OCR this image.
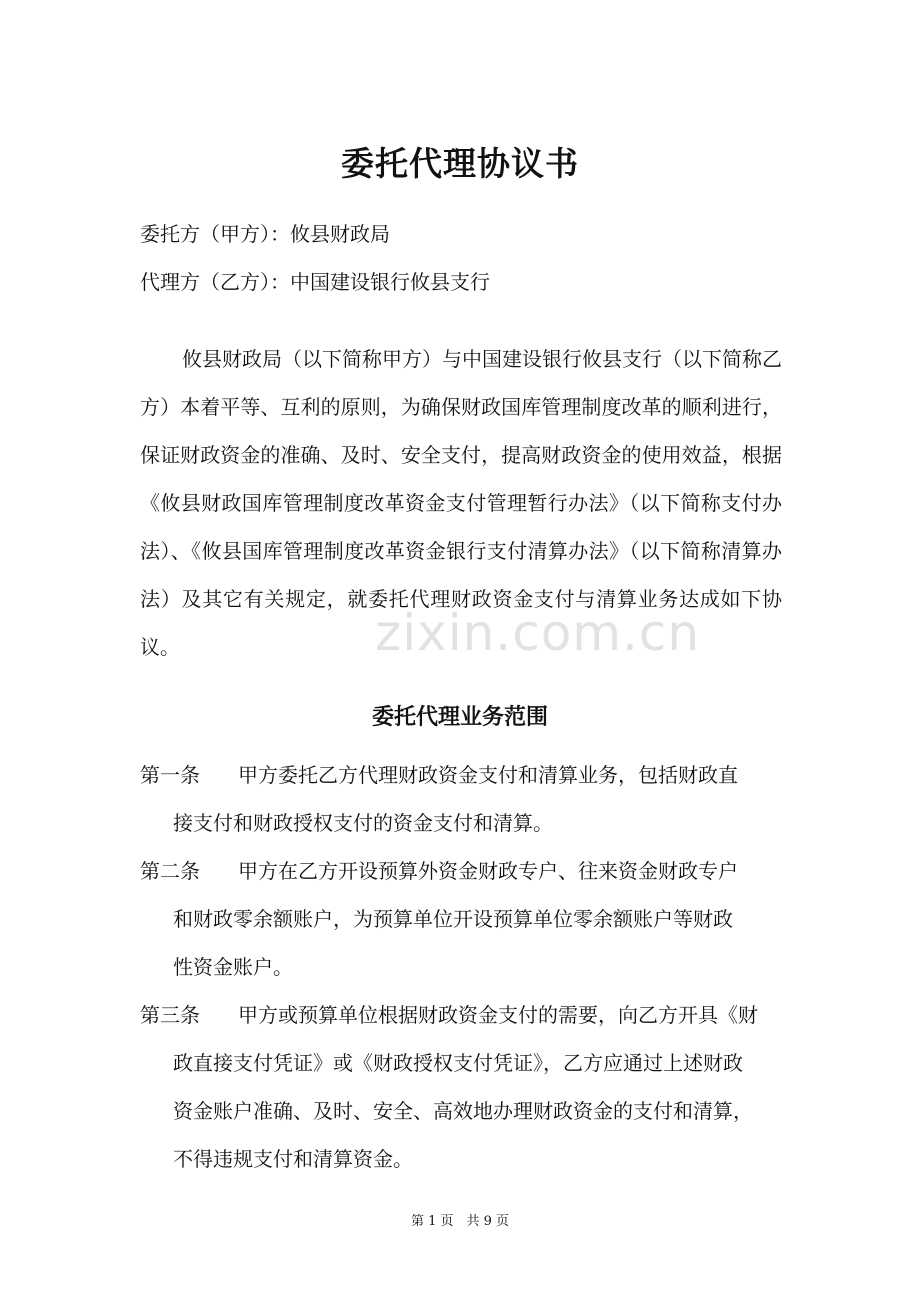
委托代理协议书
委托方（甲方）：攸县财政局
代理方（乙方）：中国建设银行攸县支行

攸县财政局（以下简称甲方）与中国建设银行攸县支行（以下简称乙方）本着平等、互利的原则，为确保财政国库管理制度改革的顺利进行，保证财政资金的准确、及时、安全支付，提高财政资金的使用效益，根据《攸县财政国库管理制度改革资金支付管理暂行办法》（以下简称支付办法）、《攸县国库管理制度改革资金银行支付清算办法》（以下简称清算办法）及其它有关规定，就委托代理财政资金支付与清算业务达成如下协议。	zixin.com.cn
委托代理业务范围
第一条 甲方委托乙方代理财政资金支付和清算业务，包括财政直
接支付和财政授权支付的资金支付和清算。
第二条 甲方在乙方开设预算外资金财政专户、往来资金财政专户
和财政零余额账户，为预算单位开设预算单位零余额账户等财政
性资金账户。
第三条 甲方或预算单位根据财政资金支付的需要，向乙方开具《财
政直接支付凭证》或《财政授权支付凭证》，乙方应通过上述财政
资金账户准确、及时、安全、高效地办理财政资金的支付和清算，
不得违规支付和清算资金。
第 1 页　共 9 页
